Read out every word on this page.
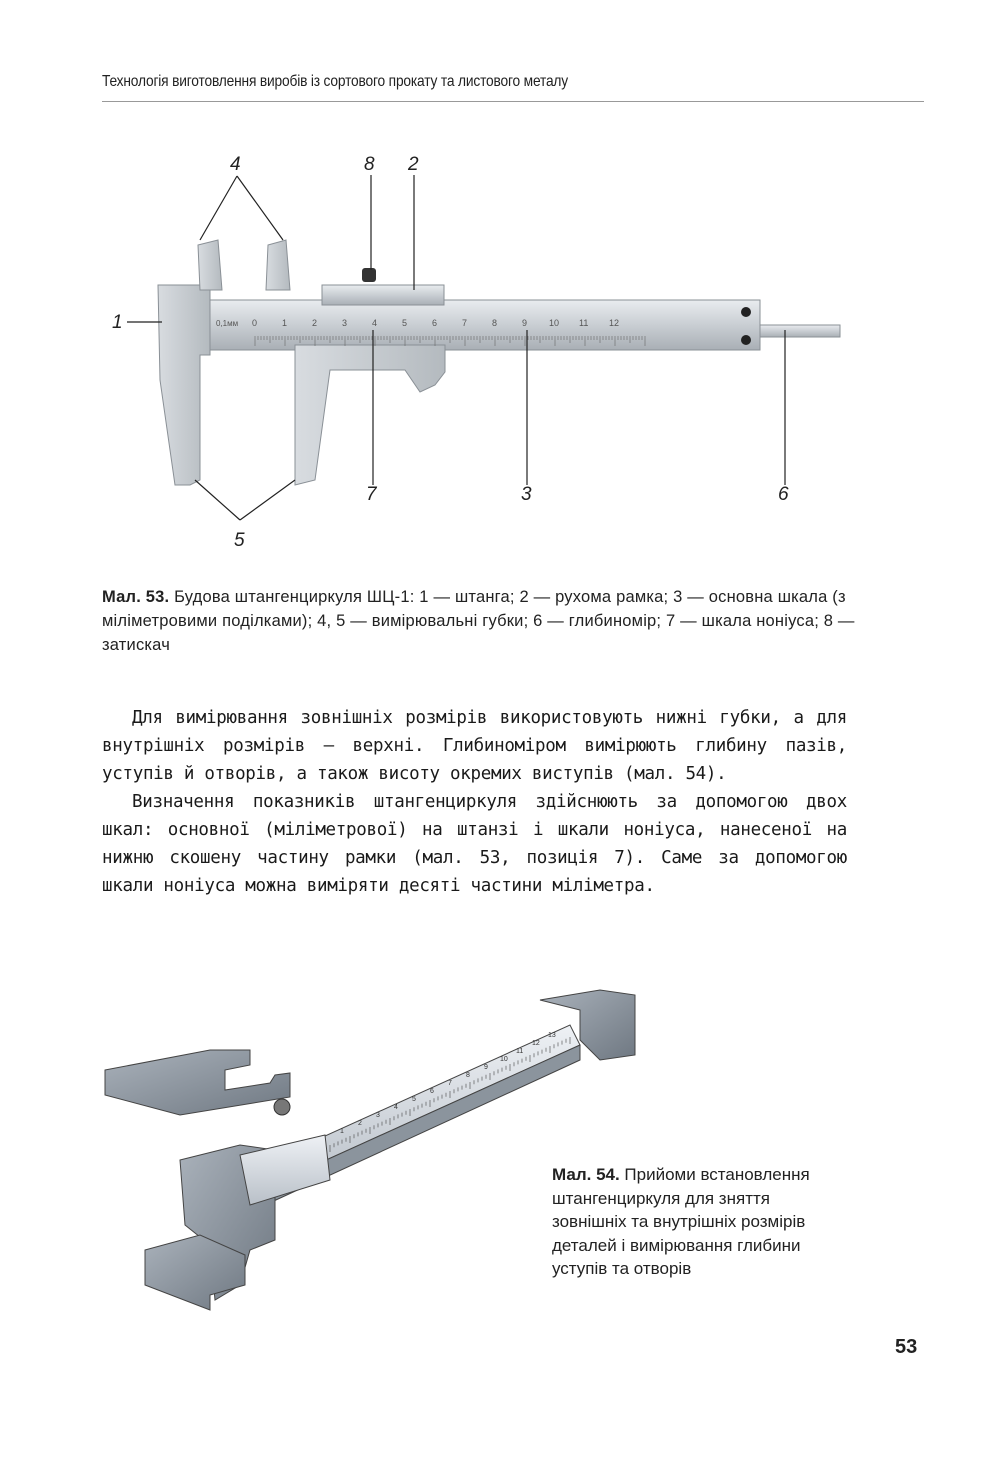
Технологія виготовлення виробів із сортового прокату та листового металу
0,1мм 0	1	2	3	4	5	6	7	8	9 10 11 12
4	8 2
1
7	3	6
5
Мал. 53. Будова штангенциркуля ШЦ-1: 1 — штанга; 2 — рухома рамка; 3 — основна шкала (з міліметровими поділками); 4, 5 — вимірювальні губки; 6 — глибиномір; 7 — шкала ноніуса; 8 — затискач

Для вимірювання зовнішніх розмірів використовують нижні губки, а для внутрішніх розмірів — верхні. Глибиноміром вимірюють глибину пазів, уступів й отворів, а також висоту окремих виступів (мал. 54).

Визначення показників штангенциркуля здійснюють за допомогою двох шкал: основної (міліметрової) на штанзі і шкали ноніуса, нанесеної на нижню скошену частину рамки (мал. 53, позиція 7). Саме за допомогою шкали ноніуса можна виміряти десяті частини міліметра.

1
2
3
4
5
6
7
8
9
10
11
12
13
Мал. 54. Прийоми встановлення штангенциркуля для зняття зовнішніх та внутрішніх розмірів деталей і вимірювання глибини уступів та отворів
53
